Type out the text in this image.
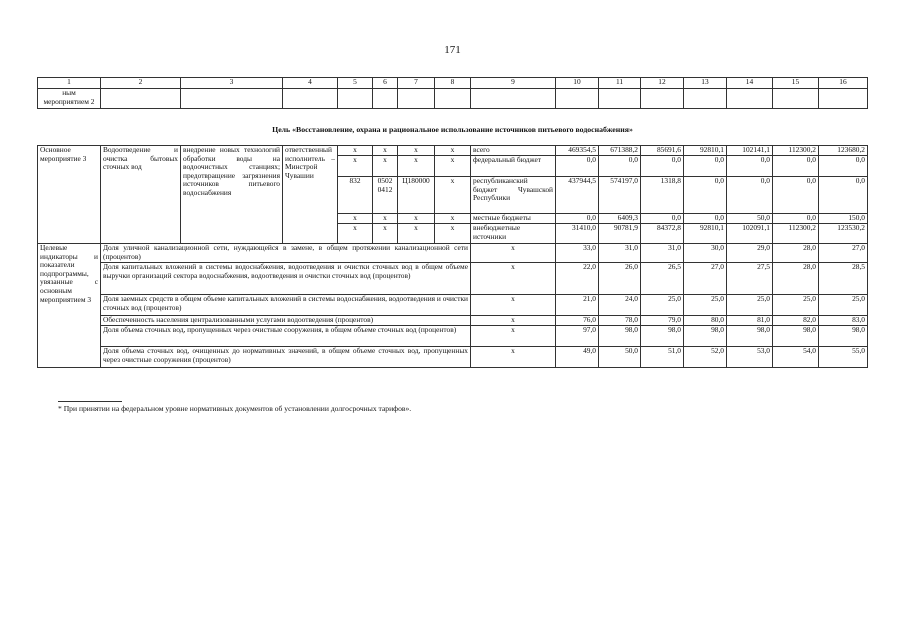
171
1	2	3	4	5	6	7	8	9	10	11	12	13	14	15	16
ным мероприятием 2															
Цель «Восстановление, охрана и рациональное использование источников питьевого водоснабжения»
Основное мероприятие 3	Водоотведение и очистка бытовых сточных вод	внедрение новых технологий обработки воды на водоочистных станциях; предотвращение загрязнения источников питьевого водоснабжения	ответственный исполнитель – Минстрой Чувашии	x	x	x	x	всего	469354,5	671388,2	85691,6	92810,1	102141,1	112300,2	123680,2
				x	x	x	x	федеральный бюджет	0,0	0,0	0,0	0,0	0,0	0,0	0,0
				832	0502 0412	Ц180000	x	республиканский бюджет Чувашской Республики	437944,5	574197,0	1318,8	0,0	0,0	0,0	0,0
				x	x	x	x	местные бюджеты	0,0	6409,3	0,0	0,0	50,0	0,0	150,0
				x	x	x	x	внебюджетные источники	31410,0	90781,9	84372,8	92810,1	102091,1	112300,2	123530,2
Целевые индикаторы и показатели подпрограммы, увязанные с основным мероприятием 3	Доля уличной канализационной сети, нуждающейся в замене, в общем протяжении канализационной сети (процентов)							x	33,0	31,0	31,0	30,0	29,0	28,0	27,0
	Доля капитальных вложений в системы водоснабжения, водоотведения и очистки сточных вод в общем объеме выручки организаций сектора водоснабжения, водоотведения и очистки сточных вод (процентов)							x	22,0	26,0	26,5	27,0	27,5	28,0	28,5
	Доля заемных средств в общем объеме капитальных вложений в системы водоснабжения, водоотведения и очистки сточных вод (процентов)							x	21,0	24,0	25,0	25,0	25,0	25,0	25,0
	Обеспеченность населения централизованными услугами водоотведения (процентов)							x	76,0	78,0	79,0	80,0	81,0	82,0	83,0
	Доля объема сточных вод, пропущенных через очистные сооружения, в общем объеме сточных вод (процентов)							x	97,0	98,0	98,0	98,0	98,0	98,0	98,0
	Доля объема сточных вод, очищенных до нормативных значений, в общем объеме сточных вод, пропущенных через очистные сооружения (процентов)							x	49,0	50,0	51,0	52,0	53,0	54,0	55,0
* При принятии на федеральном уровне нормативных документов об установлении долгосрочных тарифов».
